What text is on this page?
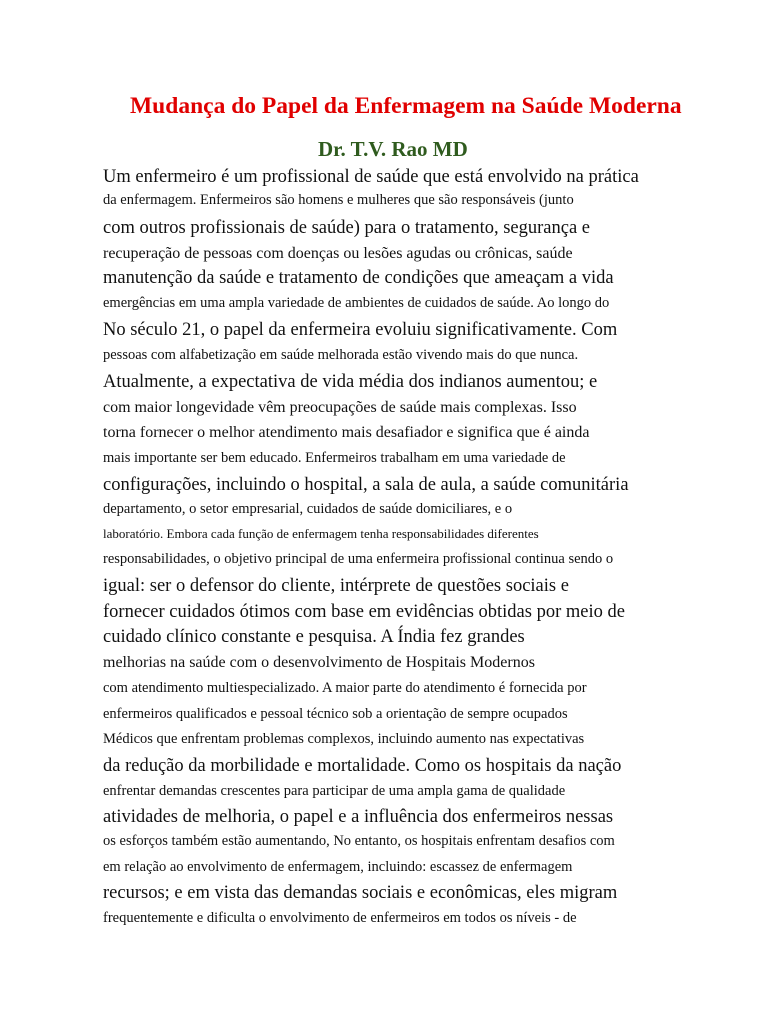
Mudança do Papel da Enfermagem na Saúde Moderna
Dr. T.V. Rao MD

Um enfermeiro é um profissional de saúde que está envolvido na prática

da enfermagem. Enfermeiros são homens e mulheres que são responsáveis (junto

com outros profissionais de saúde) para o tratamento, segurança e

recuperação de pessoas com doenças ou lesões agudas ou crônicas, saúde

manutenção da saúde e tratamento de condições que ameaçam a vida

emergências em uma ampla variedade de ambientes de cuidados de saúde. Ao longo do

No século 21, o papel da enfermeira evoluiu significativamente. Com

pessoas com alfabetização em saúde melhorada estão vivendo mais do que nunca.

Atualmente, a expectativa de vida média dos indianos aumentou; e

com maior longevidade vêm preocupações de saúde mais complexas. Isso

torna fornecer o melhor atendimento mais desafiador e significa que é ainda

mais importante ser bem educado. Enfermeiros trabalham em uma variedade de

configurações, incluindo o hospital, a sala de aula, a saúde comunitária

departamento, o setor empresarial, cuidados de saúde domiciliares, e o

laboratório. Embora cada função de enfermagem tenha responsabilidades diferentes

responsabilidades, o objetivo principal de uma enfermeira profissional continua sendo o

igual: ser o defensor do cliente, intérprete de questões sociais e

fornecer cuidados ótimos com base em evidências obtidas por meio de

cuidado clínico constante e pesquisa. A Índia fez grandes

melhorias na saúde com o desenvolvimento de Hospitais Modernos

com atendimento multiespecializado. A maior parte do atendimento é fornecida por

enfermeiros qualificados e pessoal técnico sob a orientação de sempre ocupados

Médicos que enfrentam problemas complexos, incluindo aumento nas expectativas

da redução da morbilidade e mortalidade. Como os hospitais da nação

enfrentar demandas crescentes para participar de uma ampla gama de qualidade

atividades de melhoria, o papel e a influência dos enfermeiros nessas

os esforços também estão aumentando, No entanto, os hospitais enfrentam desafios com

em relação ao envolvimento de enfermagem, incluindo: escassez de enfermagem

recursos; e em vista das demandas sociais e econômicas, eles migram

frequentemente e dificulta o envolvimento de enfermeiros em todos os níveis - de
